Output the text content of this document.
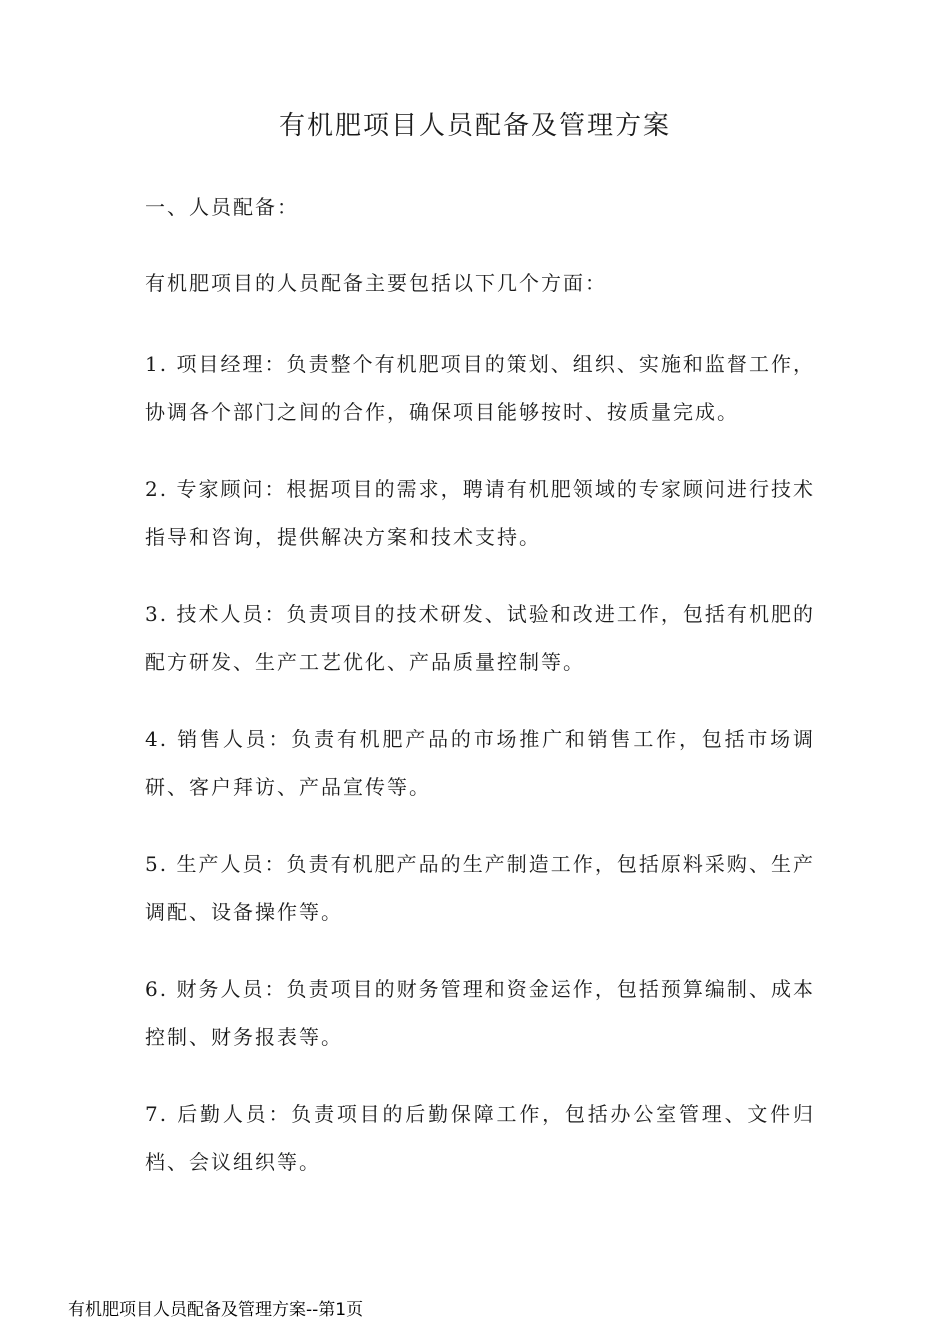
有机肥项目人员配备及管理方案
一、人员配备：
有机肥项目的人员配备主要包括以下几个方面：

1. 项目经理：负责整个有机肥项目的策划、组织、实施和监督工作，协调各个部门之间的合作，确保项目能够按时、按质量完成。

2. 专家顾问：根据项目的需求，聘请有机肥领域的专家顾问进行技术指导和咨询，提供解决方案和技术支持。

3. 技术人员：负责项目的技术研发、试验和改进工作，包括有机肥的配方研发、生产工艺优化、产品质量控制等。

4. 销售人员：负责有机肥产品的市场推广和销售工作，包括市场调研、客户拜访、产品宣传等。

5. 生产人员：负责有机肥产品的生产制造工作，包括原料采购、生产调配、设备操作等。

6. 财务人员：负责项目的财务管理和资金运作，包括预算编制、成本控制、财务报表等。

7. 后勤人员：负责项目的后勤保障工作，包括办公室管理、文件归档、会议组织等。

有机肥项目人员配备及管理方案--第1页
